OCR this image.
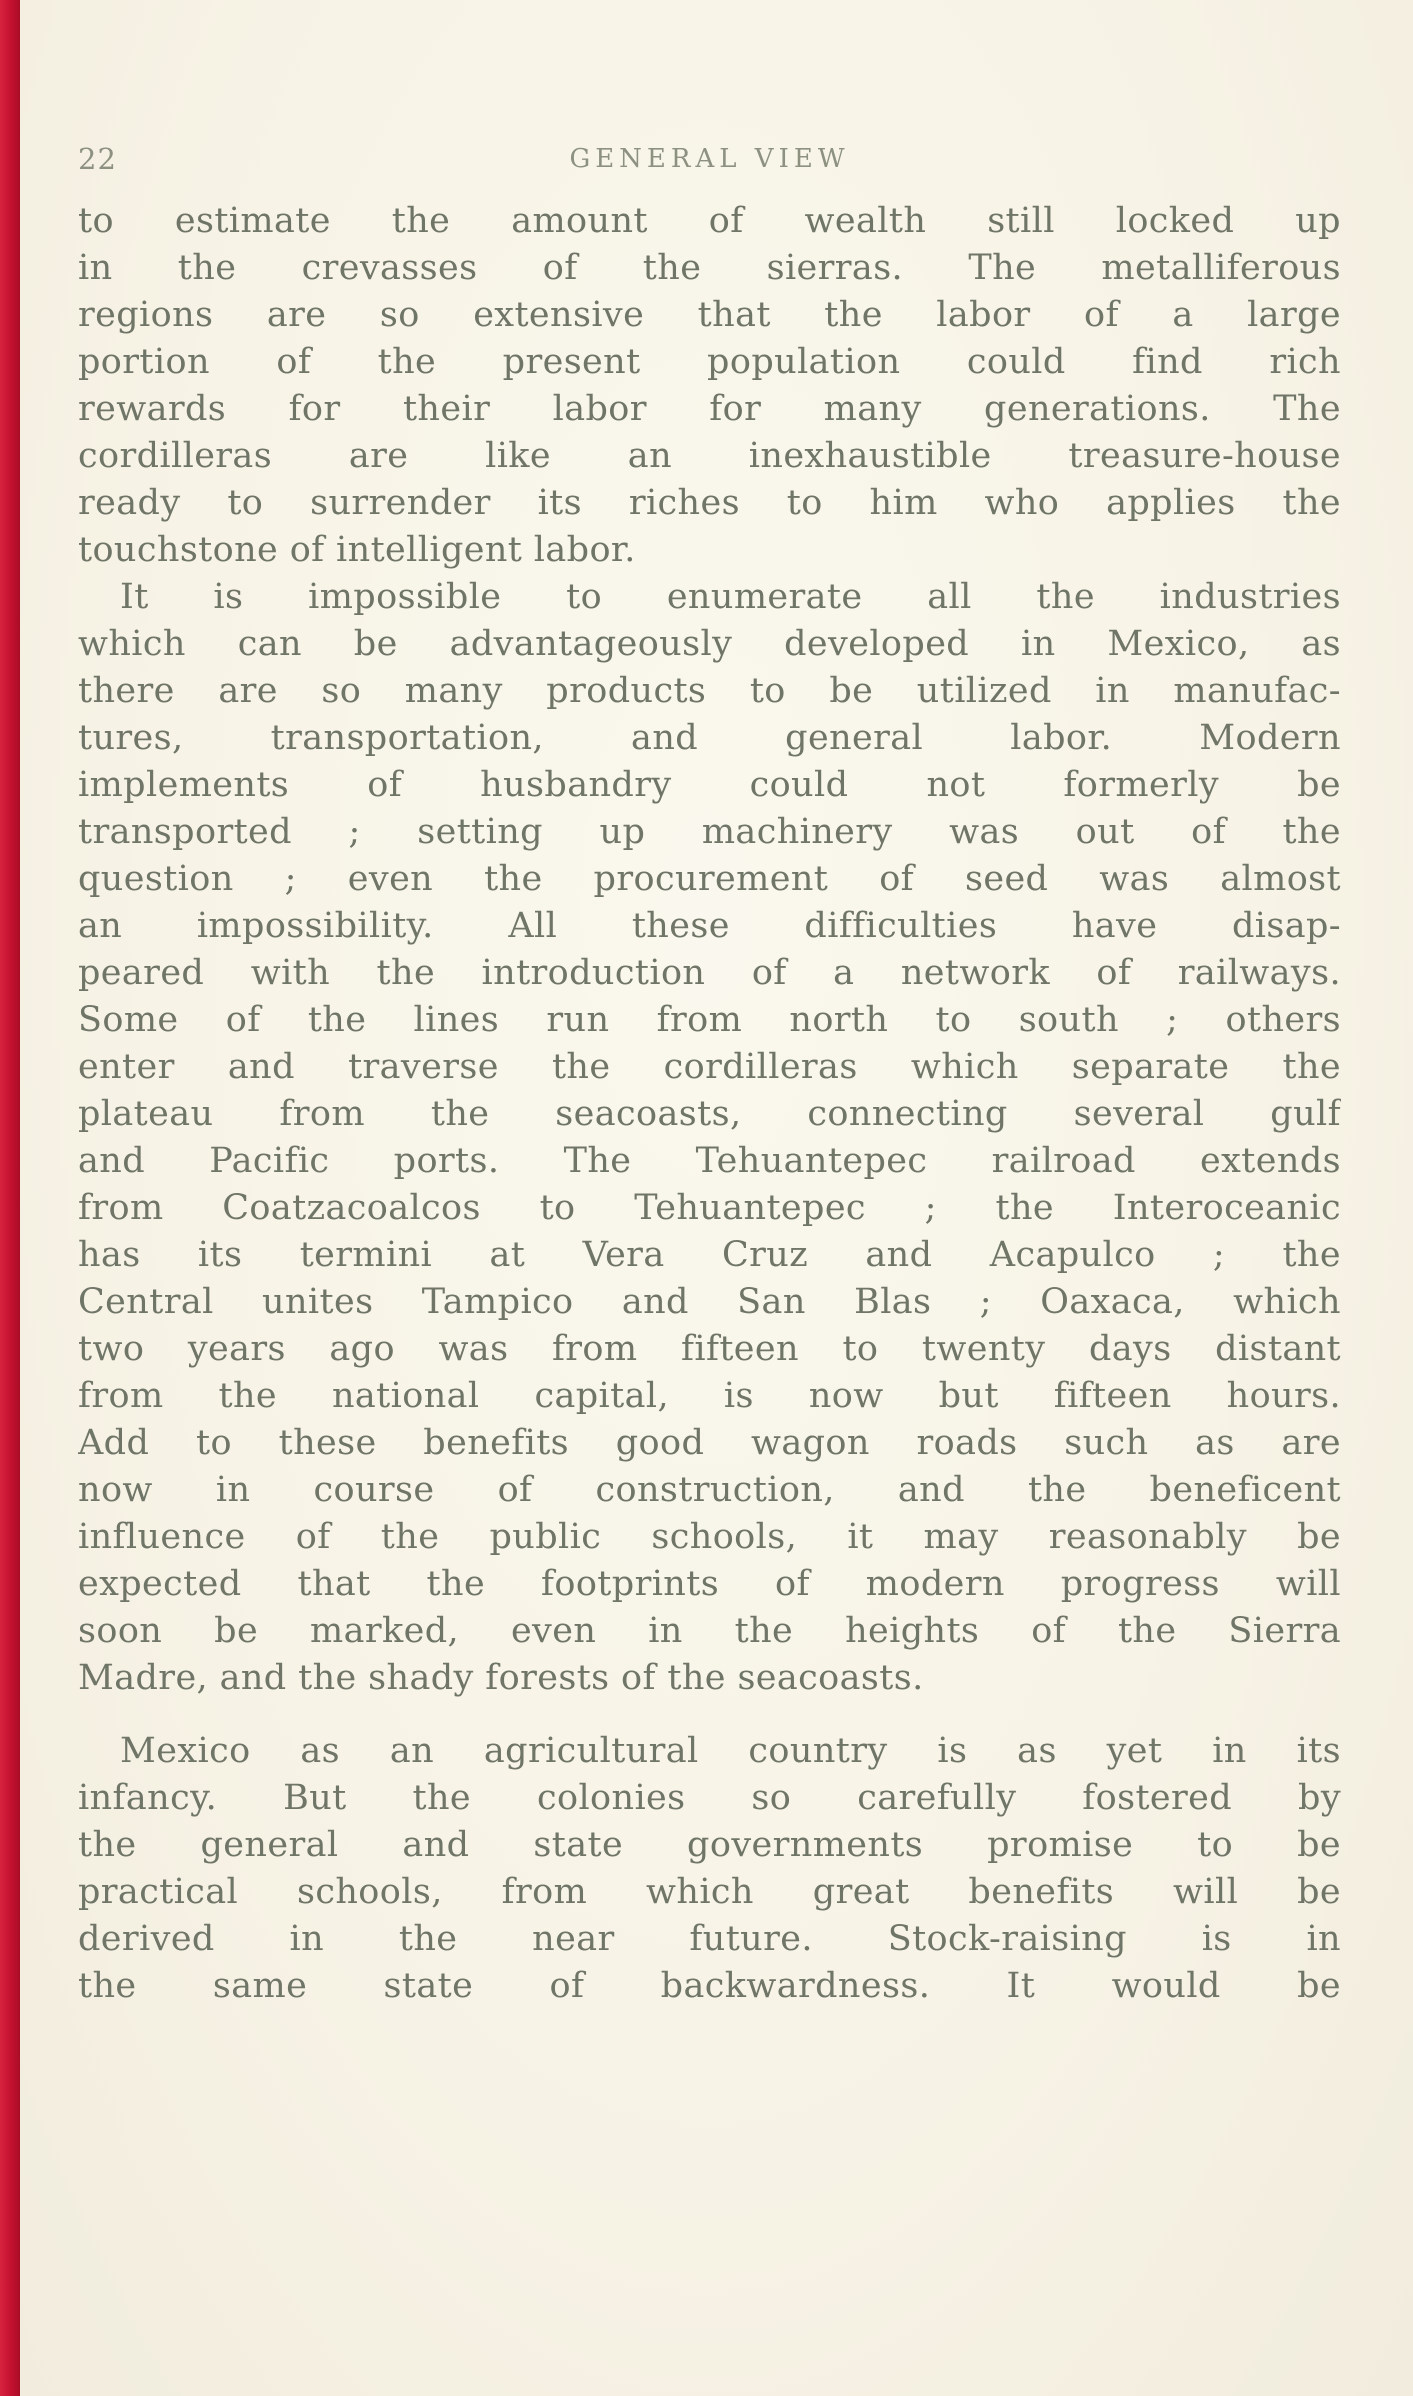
22	GENERAL VIEW
to estimate the amount of wealth still locked up
in the crevasses of the sierras. The metalliferous
regions are so extensive that the labor of a large
portion of the present population could find rich
rewards for their labor for many generations. The
cordilleras are like an inexhaustible treasure-house
ready to surrender its riches to him who applies the
touchstone of intelligent labor.
It is impossible to enumerate all the industries
which can be advantageously developed in Mexico, as
there are so many products to be utilized in manufac-
tures, transportation, and general labor. Modern
implements of husbandry could not formerly be
transported ; setting up machinery was out of the
question ; even the procurement of seed was almost
an impossibility. All these difficulties have disap-
peared with the introduction of a network of railways.
Some of the lines run from north to south ; others
enter and traverse the cordilleras which separate the
plateau from the seacoasts, connecting several gulf
and Pacific ports. The Tehuantepec railroad extends
from Coatzacoalcos to Tehuantepec ; the Interoceanic
has its termini at Vera Cruz and Acapulco ; the
Central unites Tampico and San Blas ; Oaxaca, which
two years ago was from fifteen to twenty days distant
from the national capital, is now but fifteen hours.
Add to these benefits good wagon roads such as are
now in course of construction, and the beneficent
influence of the public schools, it may reasonably be
expected that the footprints of modern progress will
soon be marked, even in the heights of the Sierra
Madre, and the shady forests of the seacoasts.
Mexico as an agricultural country is as yet in its
infancy. But the colonies so carefully fostered by
the general and state governments promise to be
practical schools, from which great benefits will be
derived in the near future. Stock-raising is in
the same state of backwardness. It would be
